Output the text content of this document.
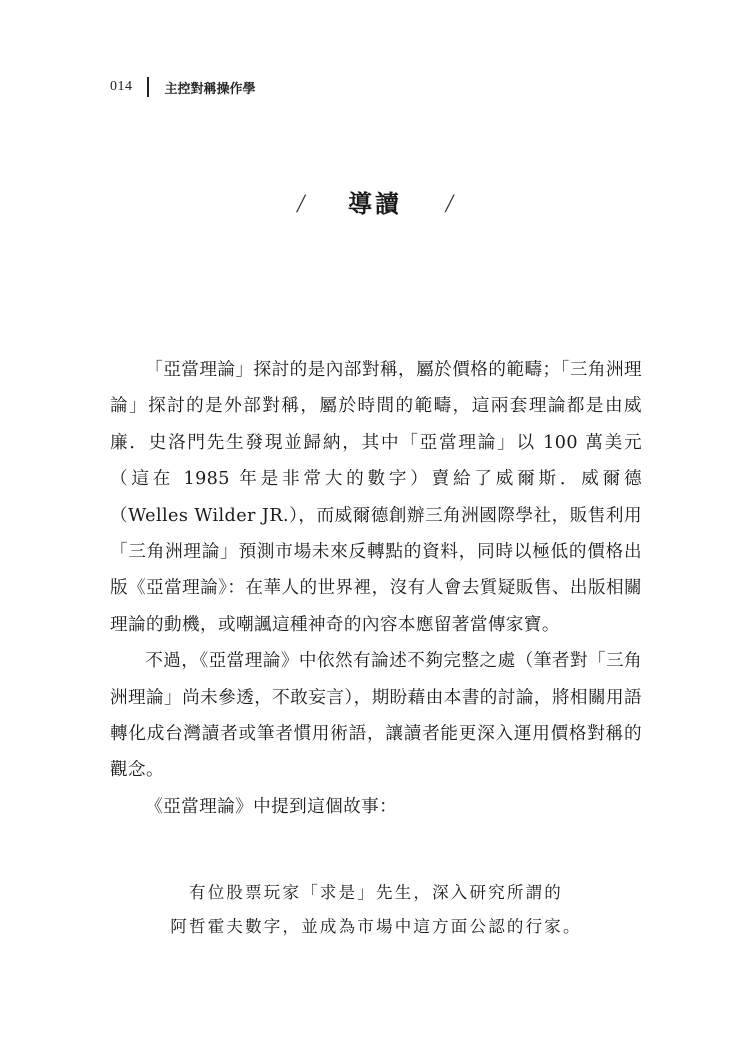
014 主控對稱操作學
/ 導讀 /

「亞當理論」探討的是內部對稱，屬於價格的範疇；「三角洲理論」探討的是外部對稱，屬於時間的範疇，這兩套理論都是由威廉．史洛門先生發現並歸納，其中「亞當理論」以 100 萬美元（這在 1985 年是非常大的數字）賣給了威爾斯．威爾德（Welles Wilder JR.），而威爾德創辦三角洲國際學社，販售利用「三角洲理論」預測市場未來反轉點的資料，同時以極低的價格出版《亞當理論》：在華人的世界裡，沒有人會去質疑販售、出版相關理論的動機，或嘲諷這種神奇的內容本應留著當傳家寶。

不過，《亞當理論》中依然有論述不夠完整之處（筆者對「三角洲理論」尚未參透，不敢妄言），期盼藉由本書的討論，將相關用語轉化成台灣讀者或筆者慣用術語，讓讀者能更深入運用價格對稱的觀念。

《亞當理論》中提到這個故事：

有位股票玩家「求是」先生，深入研究所謂的
阿哲霍夫數字，並成為市場中這方面公認的行家。
